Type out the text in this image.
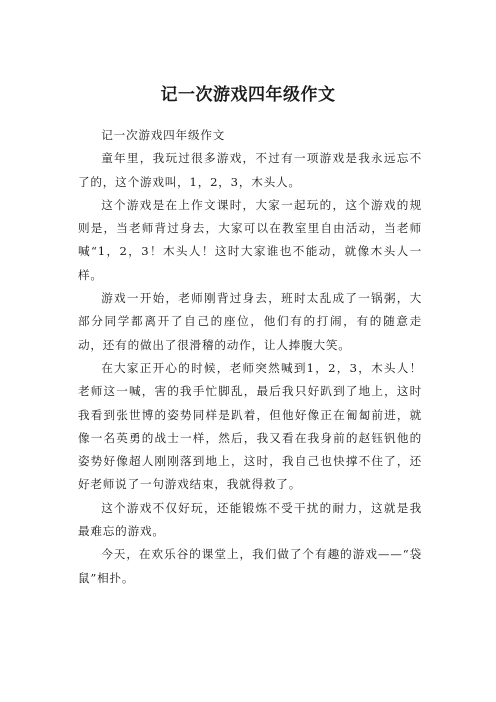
记一次游戏四年级作文

记一次游戏四年级作文

童年里，我玩过很多游戏，不过有一项游戏是我永远忘不了的，这个游戏叫，1，2，3，木头人。

这个游戏是在上作文课时，大家一起玩的，这个游戏的规则是，当老师背过身去，大家可以在教室里自由活动，当老师喊“1，2，3！木头人！这时大家谁也不能动，就像木头人一样。

游戏一开始，老师刚背过身去，班时太乱成了一锅粥，大部分同学都离开了自己的座位，他们有的打闹，有的随意走动，还有的做出了很滑稽的动作，让人捧腹大笑。

在大家正开心的时候，老师突然喊到1，2，3，木头人！老师这一喊，害的我手忙脚乱，最后我只好趴到了地上，这时我看到张世博的姿势同样是趴着，但他好像正在匍匐前进，就像一名英勇的战士一样，然后，我又看在我身前的赵钰钒他的姿势好像超人刚刚落到地上，这时，我自己也快撑不住了，还好老师说了一句游戏结束，我就得救了。

这个游戏不仅好玩，还能锻炼不受干扰的耐力，这就是我最难忘的游戏。

今天，在欢乐谷的课堂上，我们做了个有趣的游戏——“袋鼠”相扑。
